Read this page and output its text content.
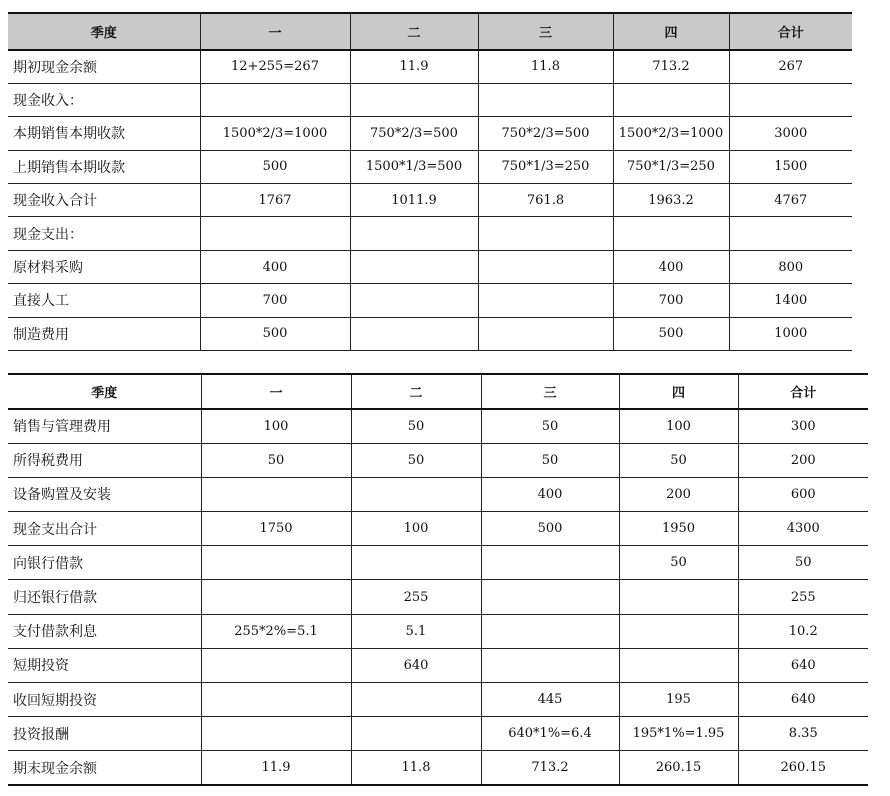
季度	一	二	三	四	合计
期初现金余额	12+255=267	11.9	11.8	713.2	267
现金收入：					
本期销售本期收款	1500*2/3=1000	750*2/3=500	750*2/3=500	1500*2/3=1000	3000
上期销售本期收款	500	1500*1/3=500	750*1/3=250	750*1/3=250	1500
现金收入合计	1767	1011.9	761.8	1963.2	4767
现金支出：					
原材料采购	400			400	800
直接人工	700			700	1400
制造费用	500			500	1000
季度	一	二	三	四	合计
销售与管理费用	100	50	50	100	300
所得税费用	50	50	50	50	200
设备购置及安装			400	200	600
现金支出合计	1750	100	500	1950	4300
向银行借款				50	50
归还银行借款		255			255
支付借款利息	255*2%=5.1	5.1			10.2
短期投资		640			640
收回短期投资			445	195	640
投资报酬			640*1%=6.4	195*1%=1.95	8.35
期末现金余额	11.9	11.8	713.2	260.15	260.15
